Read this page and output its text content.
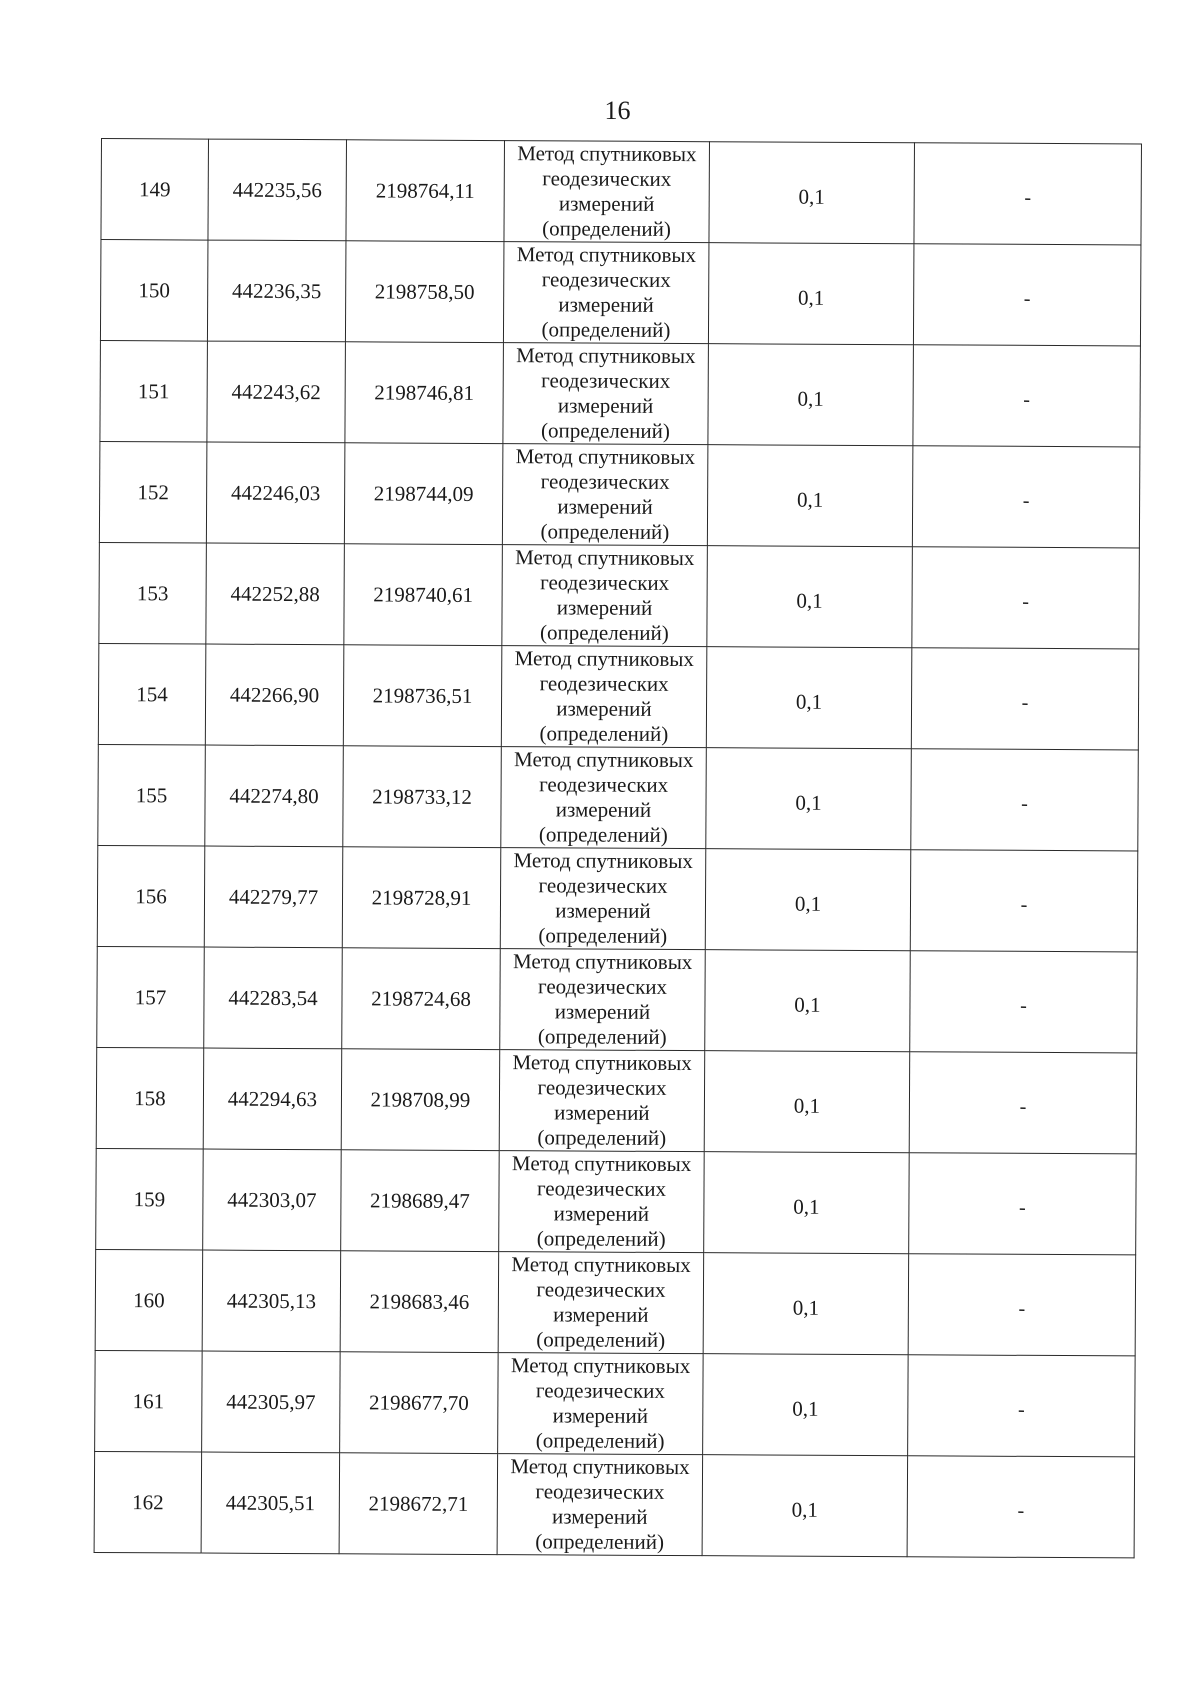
16
149	442235,56	2198764,11	Метод спутниковых
геодезических
измерений
(определений)	0,1	-
150	442236,35	2198758,50	Метод спутниковых
геодезических
измерений
(определений)	0,1	-
151	442243,62	2198746,81	Метод спутниковых
геодезических
измерений
(определений)	0,1	-
152	442246,03	2198744,09	Метод спутниковых
геодезических
измерений
(определений)	0,1	-
153	442252,88	2198740,61	Метод спутниковых
геодезических
измерений
(определений)	0,1	-
154	442266,90	2198736,51	Метод спутниковых
геодезических
измерений
(определений)	0,1	-
155	442274,80	2198733,12	Метод спутниковых
геодезических
измерений
(определений)	0,1	-
156	442279,77	2198728,91	Метод спутниковых
геодезических
измерений
(определений)	0,1	-
157	442283,54	2198724,68	Метод спутниковых
геодезических
измерений
(определений)	0,1	-
158	442294,63	2198708,99	Метод спутниковых
геодезических
измерений
(определений)	0,1	-
159	442303,07	2198689,47	Метод спутниковых
геодезических
измерений
(определений)	0,1	-
160	442305,13	2198683,46	Метод спутниковых
геодезических
измерений
(определений)	0,1	-
161	442305,97	2198677,70	Метод спутниковых
геодезических
измерений
(определений)	0,1	-
162	442305,51	2198672,71	Метод спутниковых
геодезических
измерений
(определений)	0,1	-
